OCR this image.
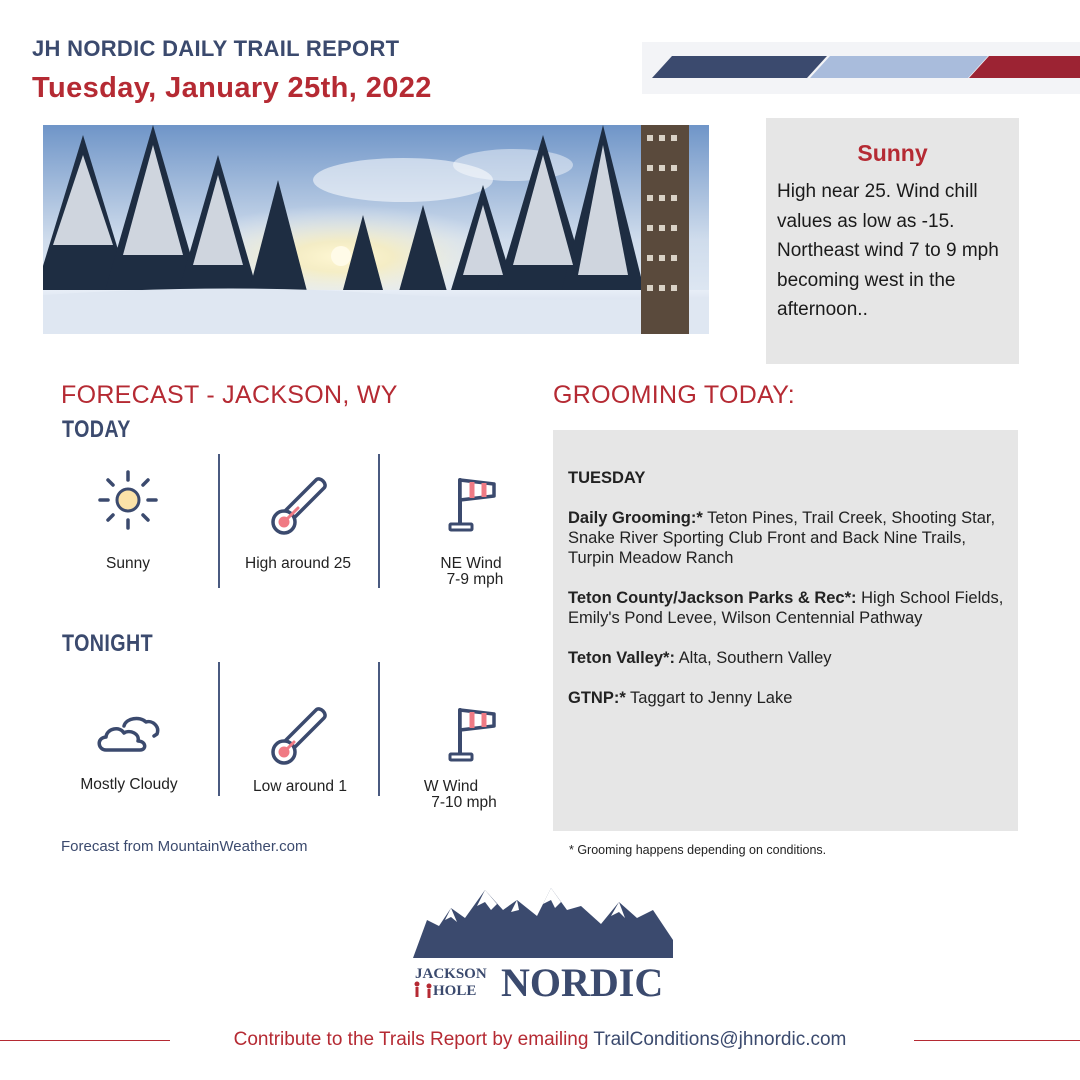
JH NORDIC DAILY TRAIL REPORT
Tuesday, January 25th, 2022
Sunny
High near 25. Wind chill values as low as -15. Northeast wind 7 to 9 mph becoming west in the afternoon..
FORECAST - JACKSON, WY
TODAY
Sunny	High around 25	NE Wind
7-9 mph
TONIGHT
Mostly Cloudy	Low around 1	W Wind
7-10 mph
Forecast from MountainWeather.com
GROOMING TODAY:

TUESDAY

Daily Grooming:* Teton Pines, Trail Creek, Shooting Star, Snake River Sporting Club Front and Back Nine Trails, Turpin Meadow Ranch

Teton County/Jackson Parks & Rec*: High School Fields, Emily's Pond Levee, Wilson Centennial Pathway

Teton Valley*: Alta, Southern Valley

GTNP:* Taggart to Jenny Lake

* Grooming happens depending on conditions.
JACKSON
HOLE NORDIC
Contribute to the Trails Report by emailing TrailConditions@jhnordic.com
